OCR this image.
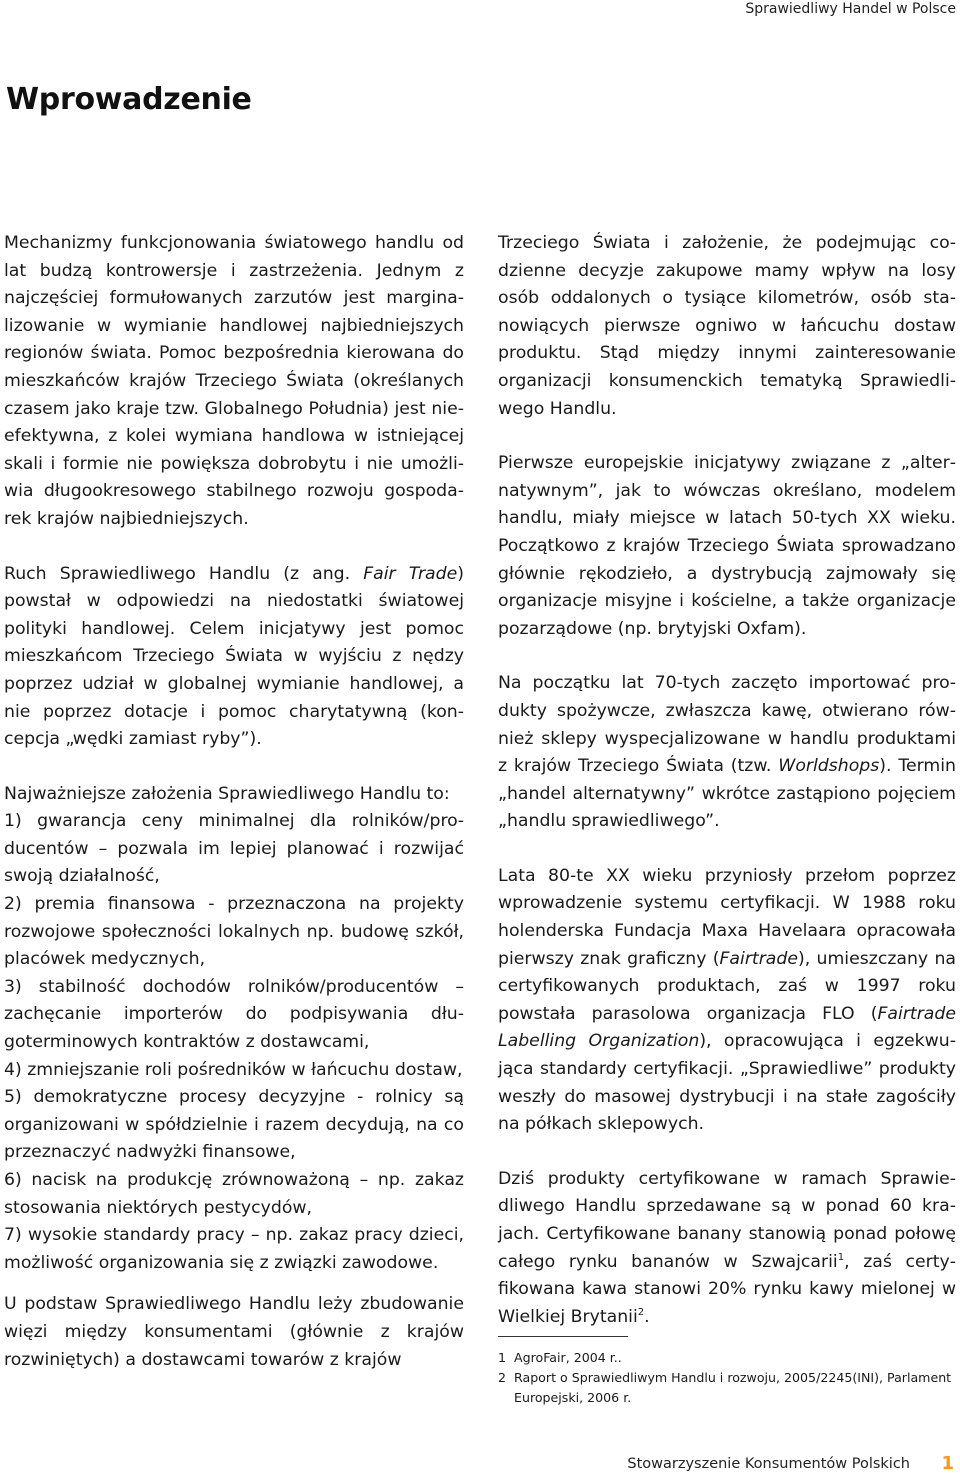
Sprawiedliwy Handel w Polsce
Wprowadzenie

Mechanizmy funkcjonowania światowego handlu od lat budzą kontrowersje i zastrzeżenia. Jednym z najczęściej formułowanych zarzutów jest marginalizowanie w wymianie handlowej najbiedniejszych regionów świata. Pomoc bezpośrednia kierowana do mieszkańców krajów Trzeciego Świata (określanych czasem jako kraje tzw. Globalnego Południa) jest nieefektywna, z kolei wymiana handlowa w istniejącej skali i formie nie powiększa dobrobytu i nie umożliwia długookresowego stabilnego rozwoju gospodarek krajów najbiedniejszych.

Ruch Sprawiedliwego Handlu (z ang. Fair Trade) powstał w odpowiedzi na niedostatki światowej polityki handlowej. Celem inicjatywy jest pomoc mieszkańcom Trzeciego Świata w wyjściu z nędzy poprzez udział w globalnej wymianie handlowej, a nie poprzez dotacje i pomoc charytatywną (koncepcja „wędki zamiast ryby”).

Najważniejsze założenia Sprawiedliwego Handlu to:

1) gwarancja ceny minimalnej dla rolników/producentów – pozwala im lepiej planować i rozwijać swoją działalność,
2) premia finansowa - przeznaczona na projekty rozwojowe społeczności lokalnych np. budowę szkół, placówek medycznych,
3) stabilność dochodów rolników/producentów – zachęcanie importerów do podpisywania długoterminowych kontraktów z dostawcami,
4) zmniejszanie roli pośredników w łańcuchu dostaw,
5) demokratyczne procesy decyzyjne - rolnicy są organizowani w spółdzielnie i razem decydują, na co przeznaczyć nadwyżki finansowe,
6) nacisk na produkcję zrównoważoną – np. zakaz stosowania niektórych pestycydów,
7) wysokie standardy pracy – np. zakaz pracy dzieci, możliwość organizowania się z związki zawodowe.

U podstaw Sprawiedliwego Handlu leży zbudowanie więzi między konsumentami (głównie z krajów rozwiniętych) a dostawcami towarów z krajów

Trzeciego Świata i założenie, że podejmując codzienne decyzje zakupowe mamy wpływ na losy osób oddalonych o tysiące kilometrów, osób stanowiących pierwsze ogniwo w łańcuchu dostaw produktu. Stąd między innymi zainteresowanie organizacji konsumenckich tematyką Sprawiedliwego Handlu.

Pierwsze europejskie inicjatywy związane z „alternatywnym”, jak to wówczas określano, modelem handlu, miały miejsce w latach 50-tych XX wieku. Początkowo z krajów Trzeciego Świata sprowadzano głównie rękodzieło, a dystrybucją zajmowały się organizacje misyjne i kościelne, a także organizacje pozarządowe (np. brytyjski Oxfam).

Na początku lat 70-tych zaczęto importować produkty spożywcze, zwłaszcza kawę, otwierano również sklepy wyspecjalizowane w handlu produktami z krajów Trzeciego Świata (tzw. Worldshops). Termin „handel alternatywny” wkrótce zastąpiono pojęciem „handlu sprawiedliwego”.

Lata 80-te XX wieku przyniosły przełom poprzez wprowadzenie systemu certyfikacji. W 1988 roku holenderska Fundacja Maxa Havelaara opracowała pierwszy znak graficzny (Fairtrade), umieszczany na certyfikowanych produktach, zaś w 1997 roku powstała parasolowa organizacja FLO (Fairtrade Labelling Organization), opracowująca i egzekwująca standardy certyfikacji. „Sprawiedliwe” produkty weszły do masowej dystrybucji i na stałe zagościły na półkach sklepowych.

Dziś produkty certyfikowane w ramach Sprawiedliwego Handlu sprzedawane są w ponad 60 krajach. Certyfikowane banany stanowią ponad połowę całego rynku bananów w Szwajcarii$^1$, zaś certyfikowana kawa stanowi 20% rynku kawy mielonej w Wielkiej Brytanii$^2$.

1 AgroFair, 2004 r..
2 Raport o Sprawiedliwym Handlu i rozwoju, 2005/2245(INI), Parlament Europejski, 2006 r.
Stowarzyszenie Konsumentów Polskich 1
